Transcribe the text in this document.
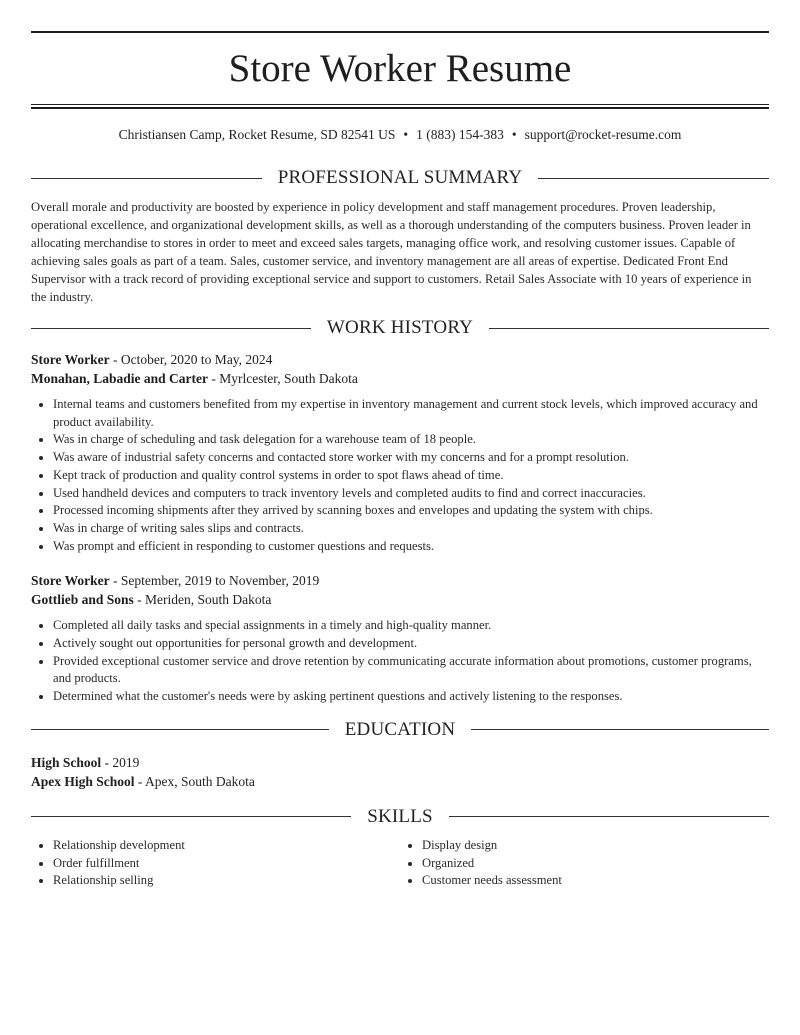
Store Worker Resume
Christiansen Camp, Rocket Resume, SD 82541 US • 1 (883) 154-383 • support@rocket-resume.com
PROFESSIONAL SUMMARY
Overall morale and productivity are boosted by experience in policy development and staff management procedures. Proven leadership, operational excellence, and organizational development skills, as well as a thorough understanding of the computers business. Proven leader in allocating merchandise to stores in order to meet and exceed sales targets, managing office work, and resolving customer issues. Capable of achieving sales goals as part of a team. Sales, customer service, and inventory management are all areas of expertise. Dedicated Front End Supervisor with a track record of providing exceptional service and support to customers. Retail Sales Associate with 10 years of experience in the industry.
WORK HISTORY
Store Worker - October, 2020 to May, 2024
Monahan, Labadie and Carter - Myrlcester, South Dakota
• Internal teams and customers benefited from my expertise in inventory management and current stock levels, which improved accuracy and product availability.
• Was in charge of scheduling and task delegation for a warehouse team of 18 people.
• Was aware of industrial safety concerns and contacted store worker with my concerns and for a prompt resolution.
• Kept track of production and quality control systems in order to spot flaws ahead of time.
• Used handheld devices and computers to track inventory levels and completed audits to find and correct inaccuracies.
• Processed incoming shipments after they arrived by scanning boxes and envelopes and updating the system with chips.
• Was in charge of writing sales slips and contracts.
• Was prompt and efficient in responding to customer questions and requests.
Store Worker - September, 2019 to November, 2019
Gottlieb and Sons - Meriden, South Dakota
• Completed all daily tasks and special assignments in a timely and high-quality manner.
• Actively sought out opportunities for personal growth and development.
• Provided exceptional customer service and drove retention by communicating accurate information about promotions, customer programs, and products.
• Determined what the customer's needs were by asking pertinent questions and actively listening to the responses.
EDUCATION
High School - 2019
Apex High School - Apex, South Dakota
SKILLS
• Relationship development
• Order fulfillment
• Relationship selling
• Display design
• Organized
• Customer needs assessment
